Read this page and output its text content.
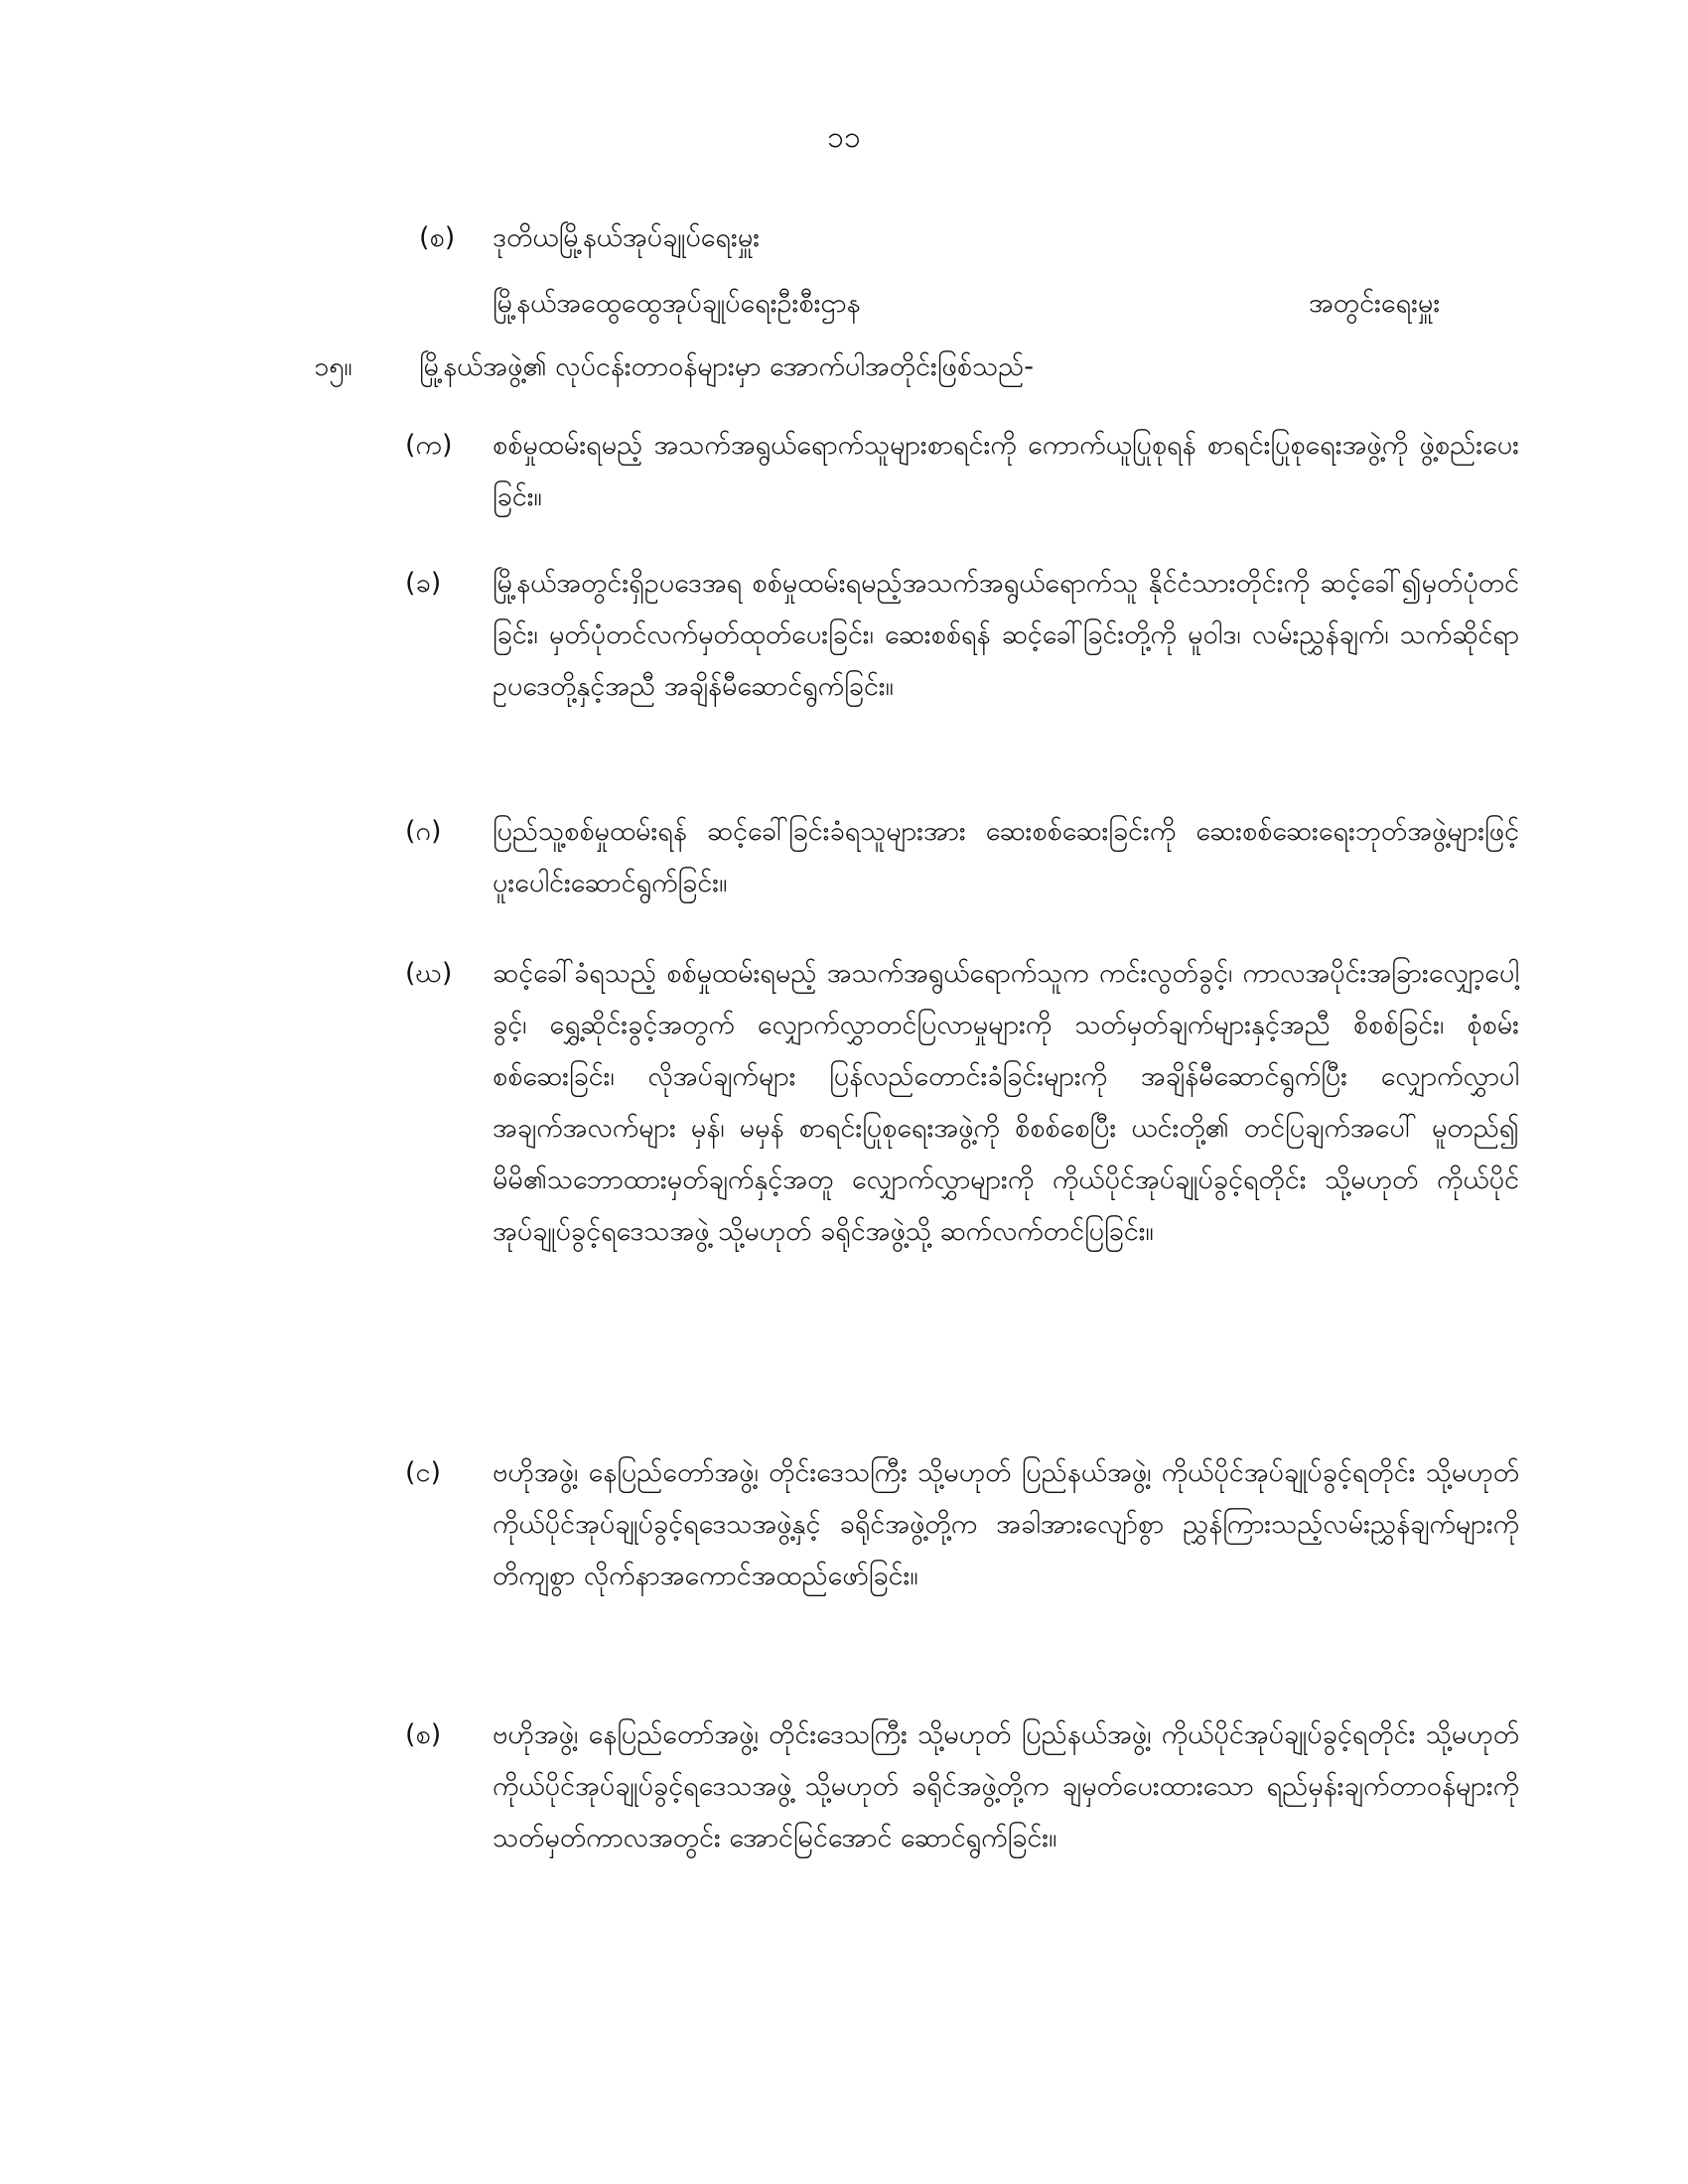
၁၁
(စ) ဒုတိယမြို့နယ်အုပ်ချုပ်ရေးမှူး
မြို့နယ်အထွေထွေအုပ်ချုပ်ရေးဦးစီးဌာန	အတွင်းရေးမှူး
၁၅။ မြို့နယ်အဖွဲ့၏ လုပ်ငန်းတာဝန်များမှာ အောက်ပါအတိုင်းဖြစ်သည်-
(က) စစ်မှုထမ်းရမည့် အသက်အရွယ်ရောက်သူများစာရင်းကို ကောက်ယူပြုစုရန် စာရင်းပြုစုရေးအဖွဲ့ကို ဖွဲ့စည်းပေးခြင်း။
(ခ) မြို့နယ်အတွင်းရှိဥပဒေအရ စစ်မှုထမ်းရမည့်အသက်အရွယ်ရောက်သူ နိုင်ငံသားတိုင်းကို ဆင့်ခေါ်၍မှတ်ပုံတင်ခြင်း၊ မှတ်ပုံတင်လက်မှတ်ထုတ်ပေးခြင်း၊ ဆေးစစ်ရန် ဆင့်ခေါ်ခြင်းတို့ကို မူဝါဒ၊ လမ်းညွှန်ချက်၊ သက်ဆိုင်ရာဥပဒေတို့နှင့်အညီ အချိန်မီဆောင်ရွက်ခြင်း။
(ဂ) ပြည်သူ့စစ်မှုထမ်းရန် ဆင့်ခေါ်ခြင်းခံရသူများအား ဆေးစစ်ဆေးခြင်းကို ဆေးစစ်ဆေးရေးဘုတ်အဖွဲ့များဖြင့် ပူးပေါင်းဆောင်ရွက်ခြင်း။
(ဃ) ဆင့်ခေါ်ခံရသည့် စစ်မှုထမ်းရမည့် အသက်အရွယ်ရောက်သူက ကင်းလွတ်ခွင့်၊ ကာလအပိုင်းအခြားလျှော့ပေါ့ခွင့်၊ ရွှေ့ဆိုင်းခွင့်အတွက် လျှောက်လွှာတင်ပြလာမှုများကို သတ်မှတ်ချက်များနှင့်အညီ စိစစ်ခြင်း၊ စုံစမ်းစစ်ဆေးခြင်း၊ လိုအပ်ချက်များ ပြန်လည်တောင်းခံခြင်းများကို အချိန်မီဆောင်ရွက်ပြီး လျှောက်လွှာပါ အချက်အလက်များ မှန်၊ မမှန် စာရင်းပြုစုရေးအဖွဲ့ကို စိစစ်စေပြီး ယင်းတို့၏ တင်ပြချက်အပေါ် မူတည်၍ မိမိ၏သဘောထားမှတ်ချက်နှင့်အတူ လျှောက်လွှာများကို ကိုယ်ပိုင်အုပ်ချုပ်ခွင့်ရတိုင်း သို့မဟုတ် ကိုယ်ပိုင်အုပ်ချုပ်ခွင့်ရဒေသအဖွဲ့ သို့မဟုတ် ခရိုင်အဖွဲ့သို့ ဆက်လက်တင်ပြခြင်း။
(င) ဗဟိုအဖွဲ့၊ နေပြည်တော်အဖွဲ့၊ တိုင်းဒေသကြီး သို့မဟုတ် ပြည်နယ်အဖွဲ့၊ ကိုယ်ပိုင်အုပ်ချုပ်ခွင့်ရတိုင်း သို့မဟုတ် ကိုယ်ပိုင်အုပ်ချုပ်ခွင့်ရဒေသအဖွဲ့နှင့် ခရိုင်အဖွဲ့တို့က အခါအားလျော်စွာ ညွှန်ကြားသည့်လမ်းညွှန်ချက်များကို တိကျစွာ လိုက်နာအကောင်အထည်ဖော်ခြင်း။
(စ) ဗဟိုအဖွဲ့၊ နေပြည်တော်အဖွဲ့၊ တိုင်းဒေသကြီး သို့မဟုတ် ပြည်နယ်အဖွဲ့၊ ကိုယ်ပိုင်အုပ်ချုပ်ခွင့်ရတိုင်း သို့မဟုတ် ကိုယ်ပိုင်အုပ်ချုပ်ခွင့်ရဒေသအဖွဲ့ သို့မဟုတ် ခရိုင်အဖွဲ့တို့က ချမှတ်ပေးထားသော ရည်မှန်းချက်တာဝန်များကို သတ်မှတ်ကာလအတွင်း အောင်မြင်အောင် ဆောင်ရွက်ခြင်း။
